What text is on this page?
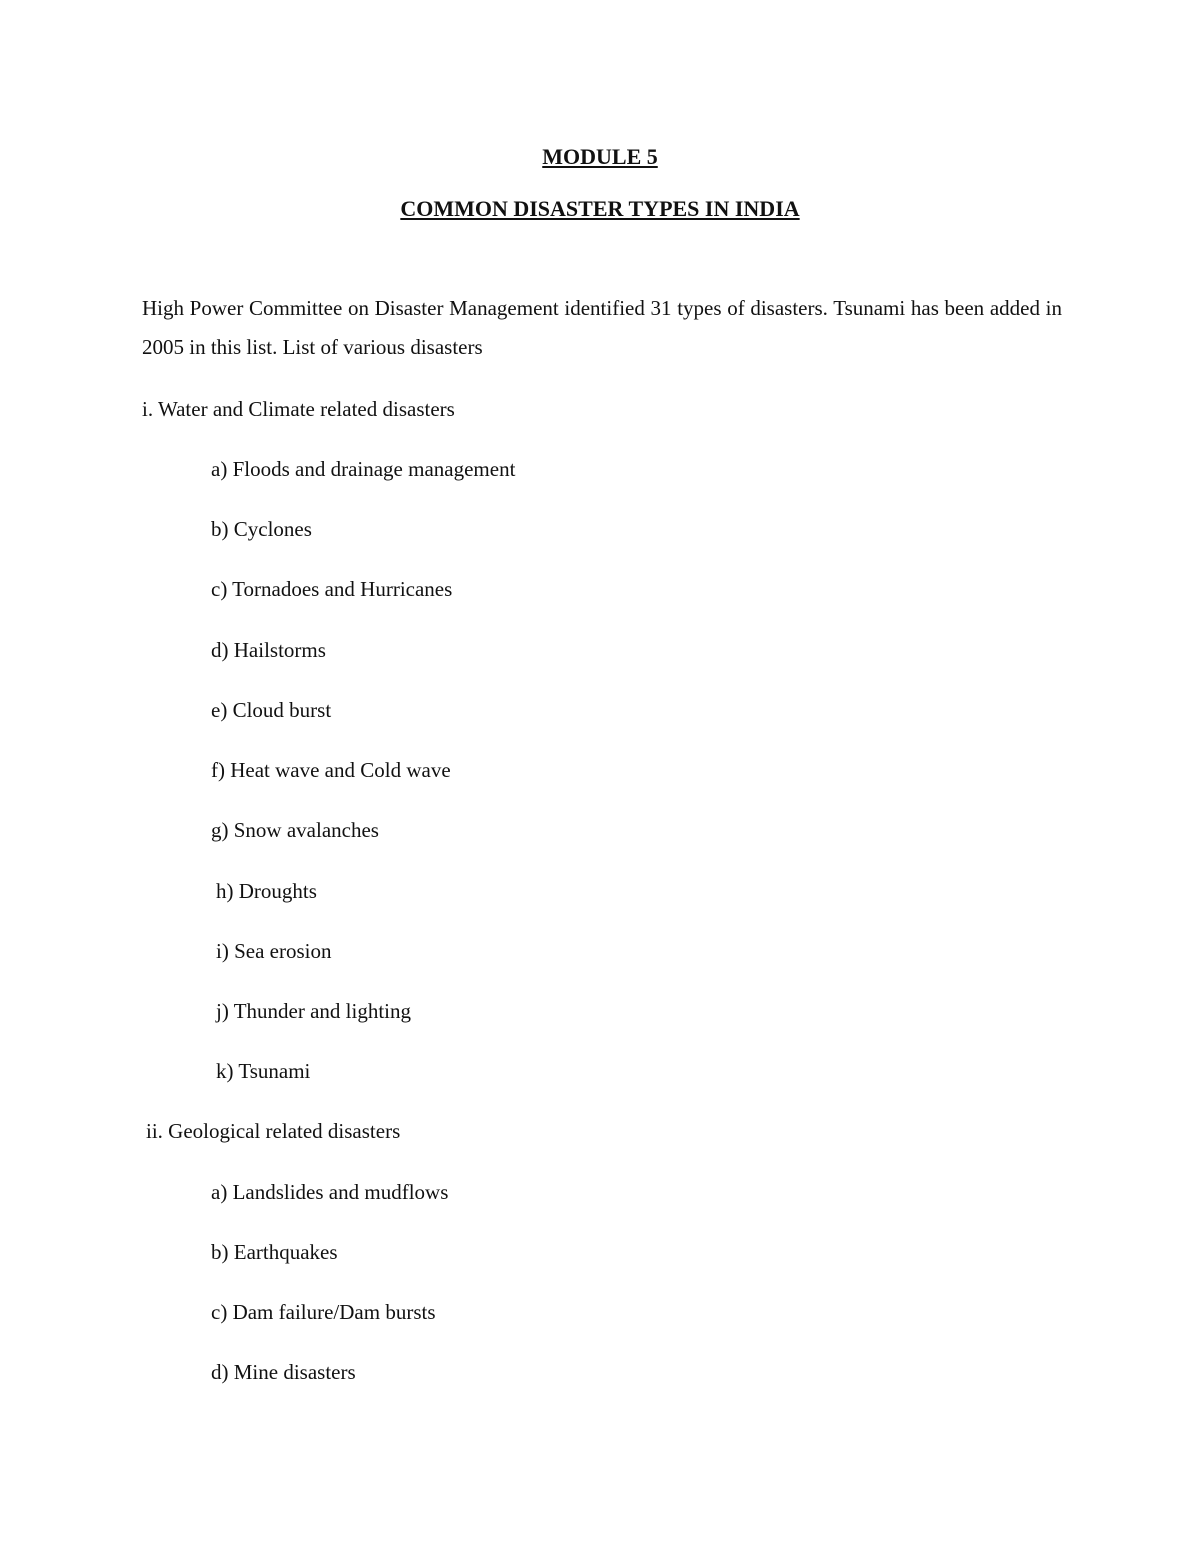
MODULE 5
COMMON DISASTER TYPES IN INDIA
High Power Committee on Disaster Management identified 31 types of disasters. Tsunami has been added in 2005 in this list. List of various disasters
i. Water and Climate related disasters
a) Floods and drainage management
b) Cyclones
c) Tornadoes and Hurricanes
d) Hailstorms
e) Cloud burst
f) Heat wave and Cold wave
g) Snow avalanches
h) Droughts
i) Sea erosion
j) Thunder and lighting
k) Tsunami
ii. Geological related disasters
a) Landslides and mudflows
b) Earthquakes
c) Dam failure/Dam bursts
d) Mine disasters
